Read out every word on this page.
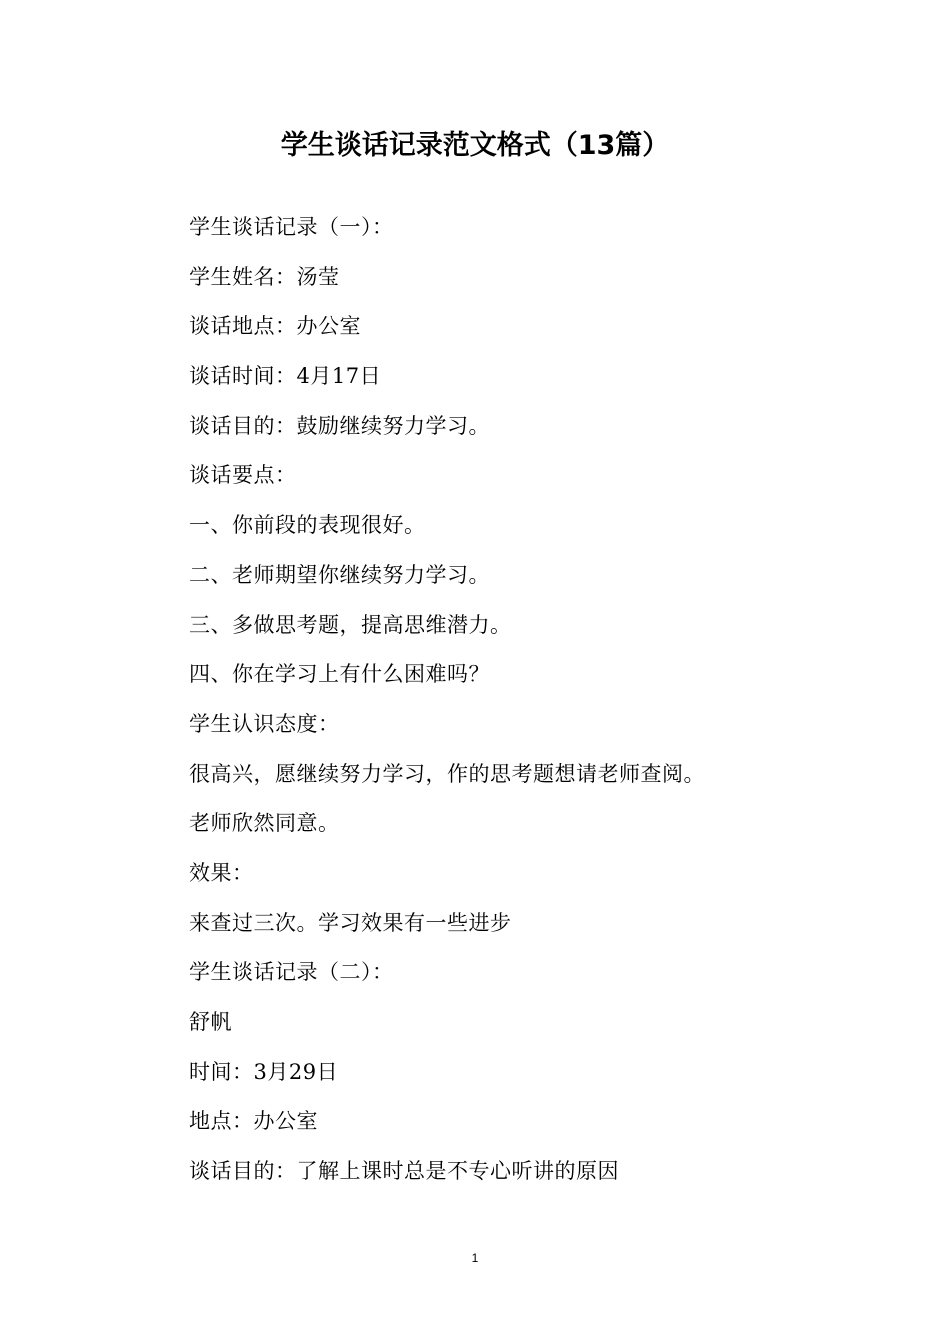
学生谈话记录范文格式（13篇）
学生谈话记录（一）：
学生姓名：汤莹
谈话地点：办公室
谈话时间：4月17日
谈话目的：鼓励继续努力学习。
谈话要点：
一、你前段的表现很好。
二、老师期望你继续努力学习。
三、多做思考题，提高思维潜力。
四、你在学习上有什么困难吗？
学生认识态度：
很高兴，愿继续努力学习，作的思考题想请老师查阅。
老师欣然同意。
效果：
来查过三次。学习效果有一些进步
学生谈话记录（二）：
舒帆
时间：3月29日
地点：办公室
谈话目的：了解上课时总是不专心听讲的原因
1
